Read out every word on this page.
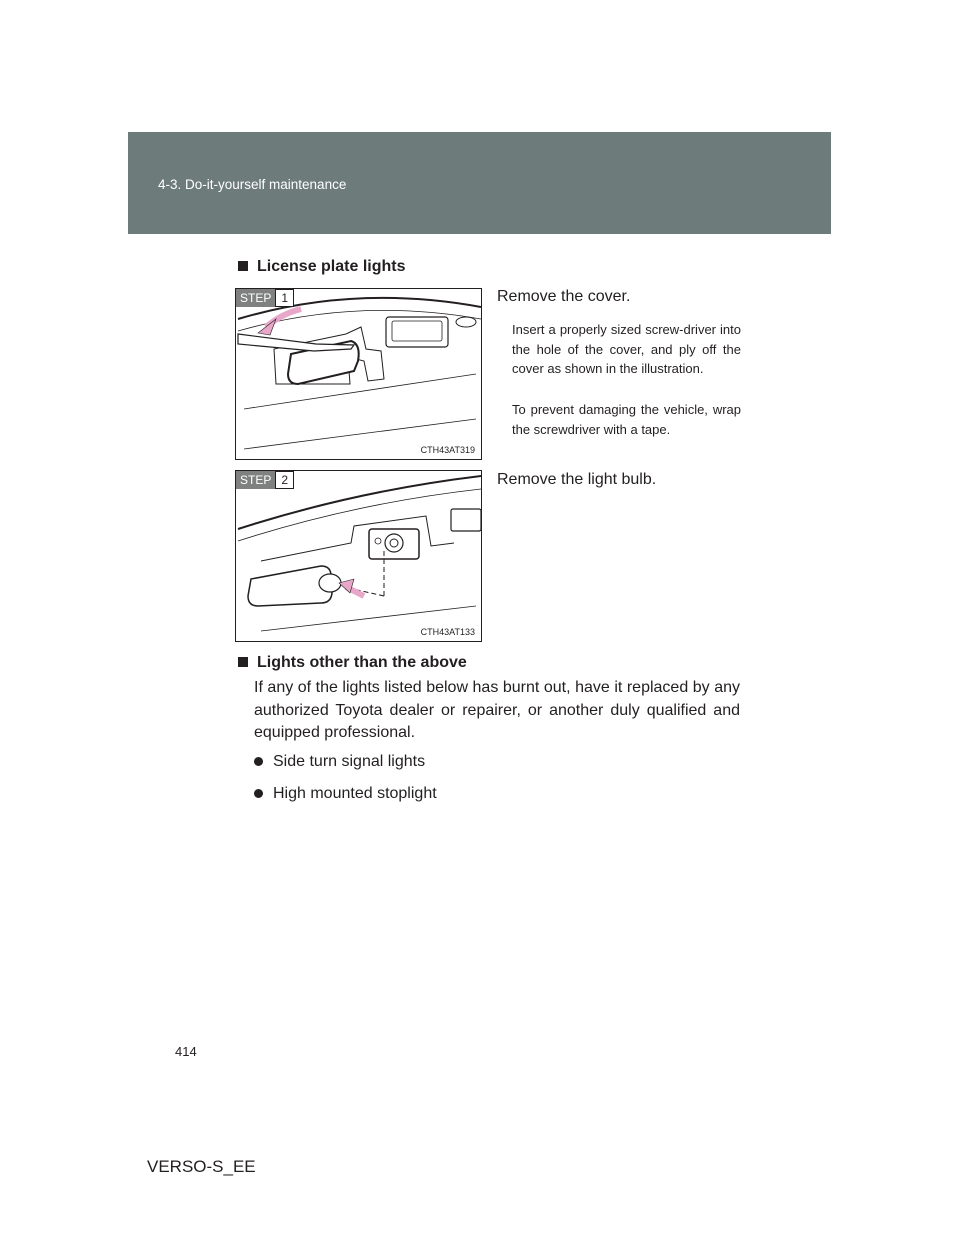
4-3. Do-it-yourself maintenance
License plate lights
STEP 1
CTH43AT319
Remove the cover.
Insert a properly sized screw-driver into the hole of the cover, and ply off the cover as shown in the illustration.
To prevent damaging the vehicle, wrap the screwdriver with a tape.
STEP 2
CTH43AT133
Remove the light bulb.
Lights other than the above
If any of the lights listed below has burnt out, have it replaced by any authorized Toyota dealer or repairer, or another duly qualified and equipped professional.
Side turn signal lights
High mounted stoplight
414
VERSO-S_EE
